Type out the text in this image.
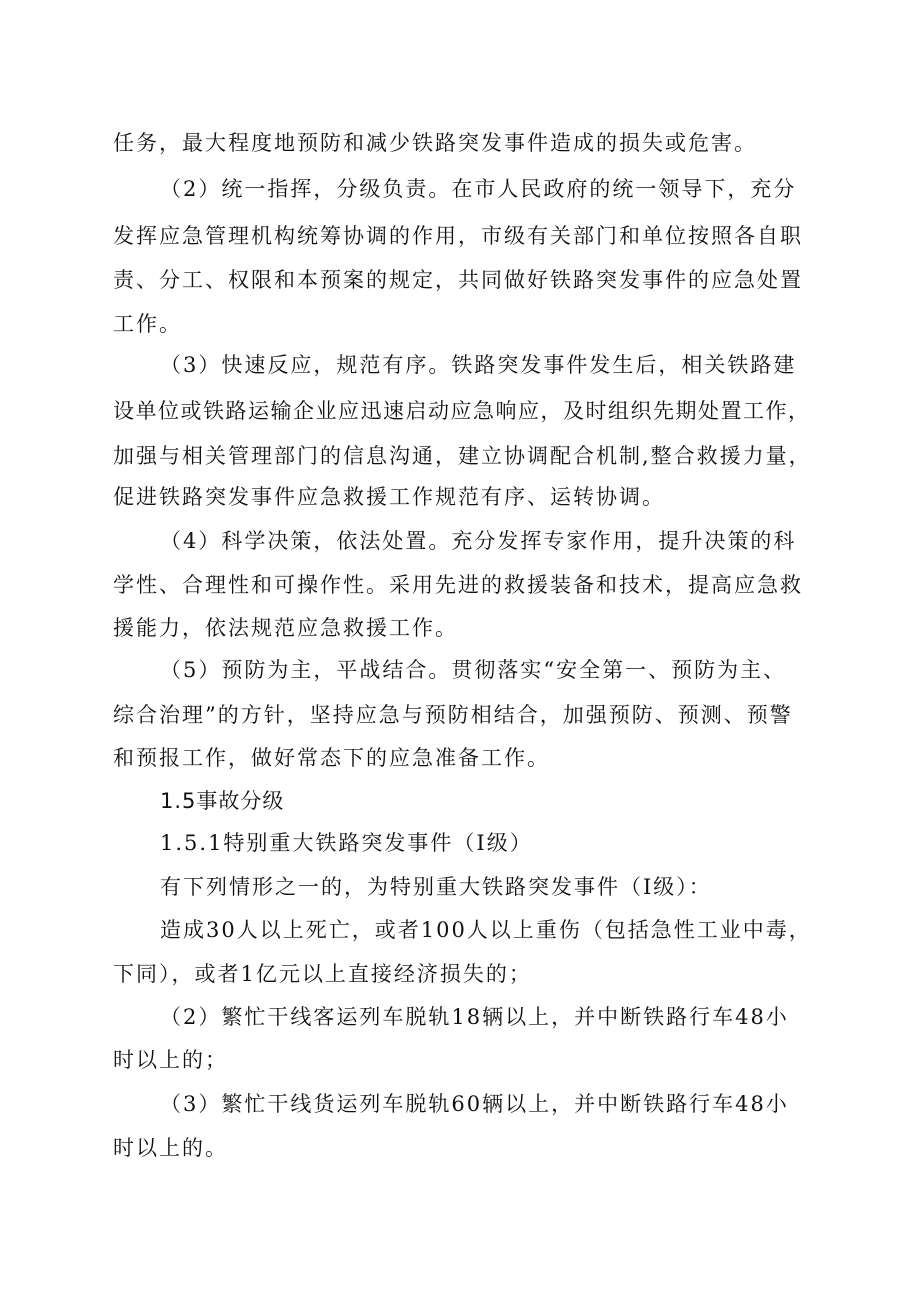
任务，最大程度地预防和减少铁路突发事件造成的损失或危害。
（2）统一指挥，分级负责。在市人民政府的统一领导下，充分
发挥应急管理机构统筹协调的作用，市级有关部门和单位按照各自职
责、分工、权限和本预案的规定，共同做好铁路突发事件的应急处置
工作。
（3）快速反应，规范有序。铁路突发事件发生后，相关铁路建
设单位或铁路运输企业应迅速启动应急响应，及时组织先期处置工作，
加强与相关管理部门的信息沟通，建立协调配合机制,整合救援力量，
促进铁路突发事件应急救援工作规范有序、运转协调。
（4）科学决策，依法处置。充分发挥专家作用，提升决策的科
学性、合理性和可操作性。采用先进的救援装备和技术，提高应急救
援能力，依法规范应急救援工作。
（5）预防为主，平战结合。贯彻落实“安全第一、预防为主、
综合治理”的方针，坚持应急与预防相结合，加强预防、预测、预警
和预报工作，做好常态下的应急准备工作。
1.5事故分级
1.5.1特别重大铁路突发事件（Ⅰ级）
有下列情形之一的，为特别重大铁路突发事件（Ⅰ级）：
造成30人以上死亡，或者100人以上重伤（包括急性工业中毒，
下同），或者1亿元以上直接经济损失的；
（2）繁忙干线客运列车脱轨18辆以上，并中断铁路行车48小
时以上的；
（3）繁忙干线货运列车脱轨60辆以上，并中断铁路行车48小
时以上的。
